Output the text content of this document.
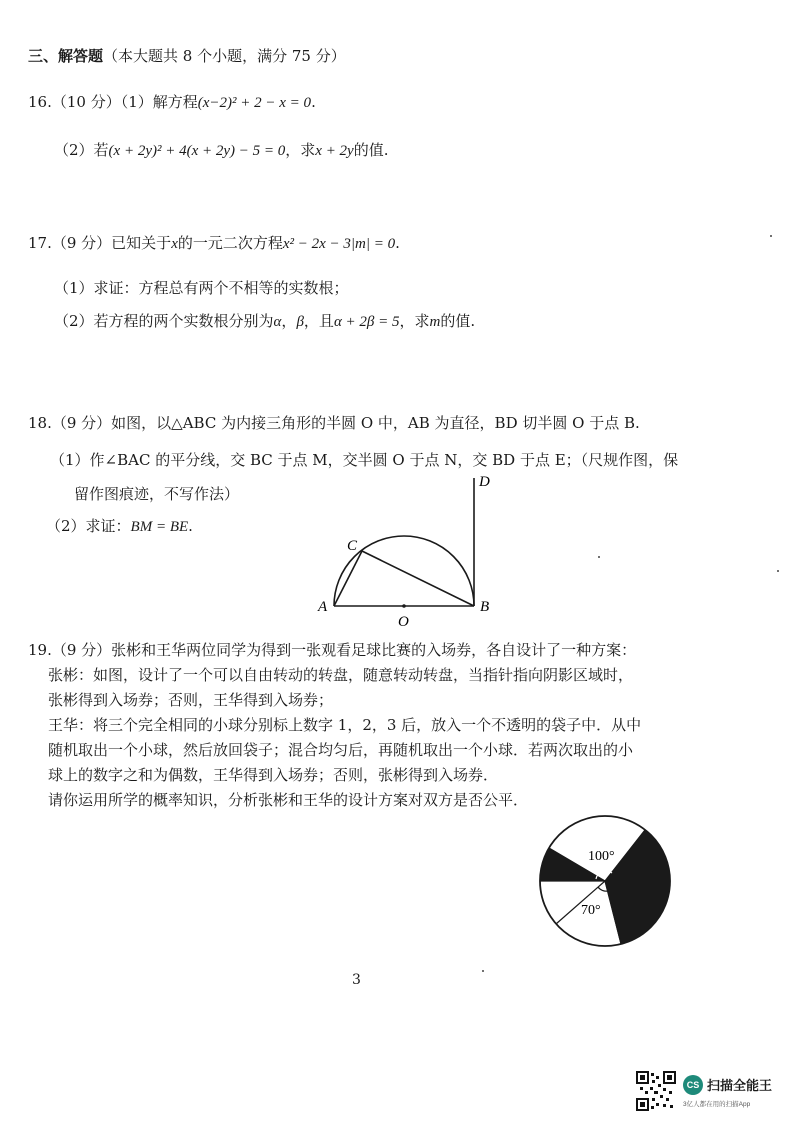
三、解答题（本大题共 8 个小题，满分 75 分）
16.（10 分）（1）解方程(x−2)² + 2 − x = 0.
（2）若(x + 2y)² + 4(x + 2y) − 5 = 0，求x + 2y的值.
17.（9 分）已知关于x的一元二次方程x² − 2x − 3|m| = 0.
（1）求证：方程总有两个不相等的实数根；
（2）若方程的两个实数根分别为α，β，且α + 2β = 5，求m的值.
18.（9 分）如图，以△ABC 为内接三角形的半圆 O 中，AB 为直径，BD 切半圆 O 于点 B.
（1）作∠BAC 的平分线，交 BC 于点 M，交半圆 O 于点 N，交 BD 于点 E；（尺规作图，保
留作图痕迹，不写作法）
（2）求证：BM = BE.
A	B
C
D
O
100°
70°
19.（9 分）张彬和王华两位同学为得到一张观看足球比赛的入场券，各自设计了一种方案：
张彬：如图，设计了一个可以自由转动的转盘，随意转动转盘，当指针指向阴影区域时，
张彬得到入场券；否则，王华得到入场券；
王华：将三个完全相同的小球分别标上数字 1，2，3 后，放入一个不透明的袋子中．从中
随机取出一个小球，然后放回袋子；混合均匀后，再随机取出一个小球．若两次取出的小
球上的数字之和为偶数，王华得到入场券；否则，张彬得到入场券．
请你运用所学的概率知识，分析张彬和王华的设计方案对双方是否公平．
3
CS 扫描全能王
3亿人都在用的扫描App
